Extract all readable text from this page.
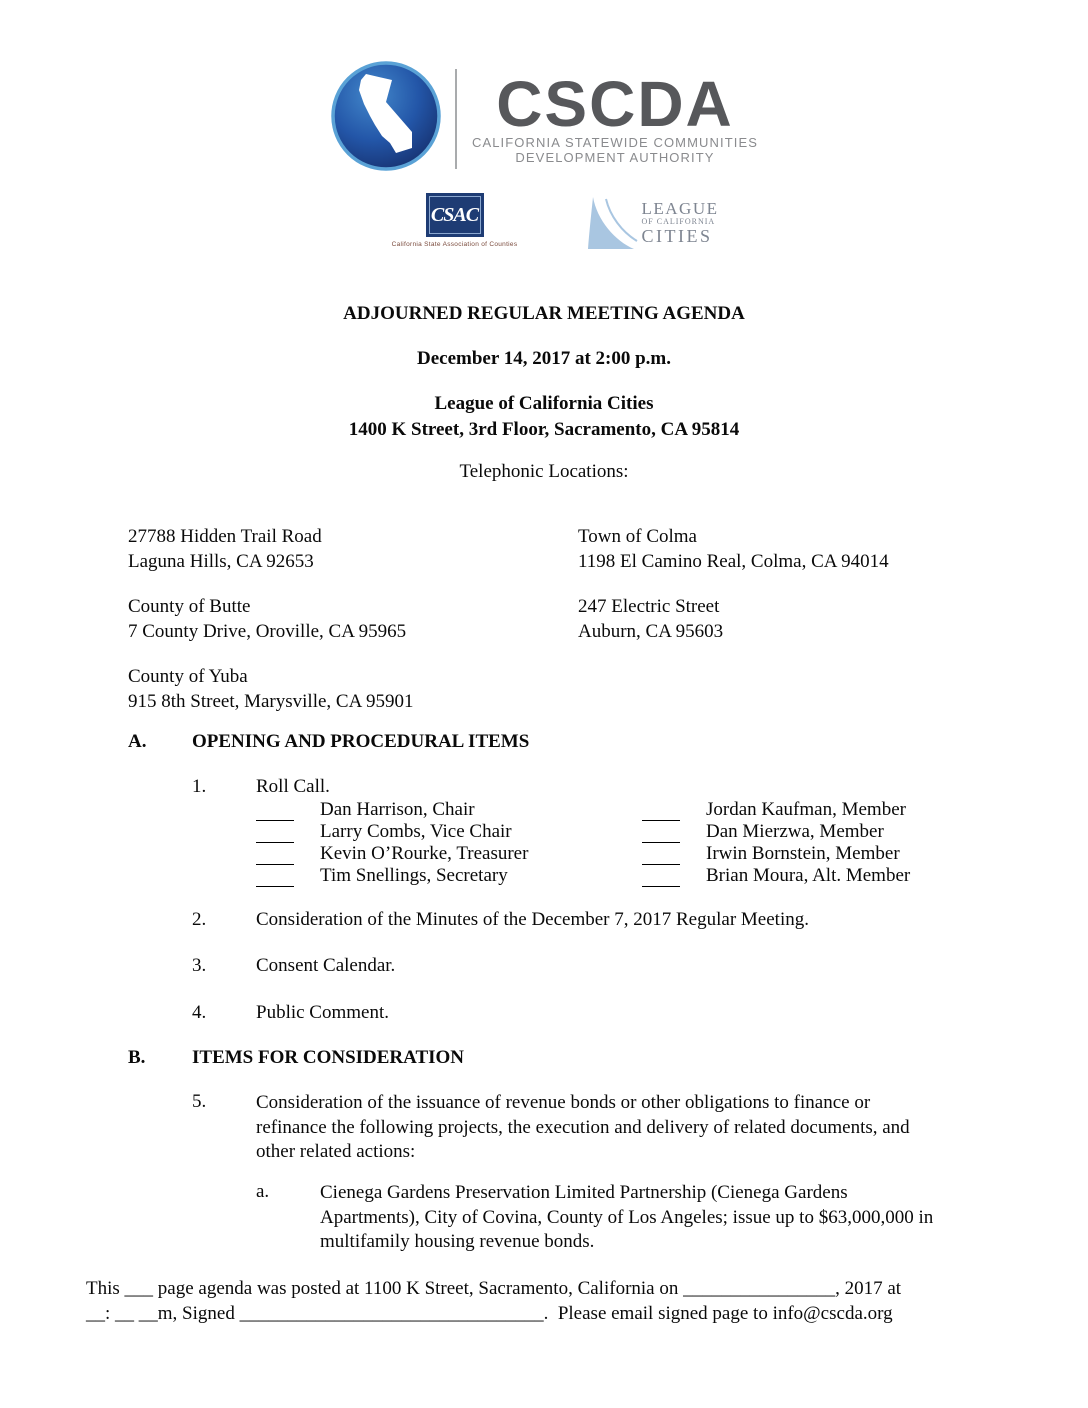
CSCDA
CALIFORNIA STATEWIDE COMMUNITIES
DEVELOPMENT AUTHORITY
CSAC
California State Association of Counties
LEAGUE
OF CALIFORNIA
CITIES
ADJOURNED REGULAR MEETING AGENDA
December 14, 2017 at 2:00 p.m.
League of California Cities
1400 K Street, 3rd Floor, Sacramento, CA 95814
Telephonic Locations:
27788 Hidden Trail Road
Laguna Hills, CA 92653
Town of Colma
1198 El Camino Real, Colma, CA 94014
County of Butte
7 County Drive, Oroville, CA 95965
247 Electric Street
Auburn, CA 95603
County of Yuba
915 8th Street, Marysville, CA 95901
A.	OPENING AND PROCEDURAL ITEMS
1.	Roll Call.
Dan Harrison, Chair	Jordan Kaufman, Member
Larry Combs, Vice Chair	Dan Mierzwa, Member
Kevin O’Rourke, Treasurer	Irwin Bornstein, Member
Tim Snellings, Secretary	Brian Moura, Alt. Member
2.	Consideration of the Minutes of the December 7, 2017 Regular Meeting.
3.	Consent Calendar.
4.	Public Comment.
B.	ITEMS FOR CONSIDERATION
5.	Consideration of the issuance of revenue bonds or other obligations to finance or
refinance the following projects, the execution and delivery of related documents, and
other related actions:
a.	Cienega Gardens Preservation Limited Partnership (Cienega Gardens
Apartments), City of Covina, County of Los Angeles; issue up to $63,000,000 in
multifamily housing revenue bonds.
This ___ page agenda was posted at 1100 K Street, Sacramento, California on ________________, 2017 at
__: __ __m, Signed ________________________________.  Please email signed page to info@cscda.org
